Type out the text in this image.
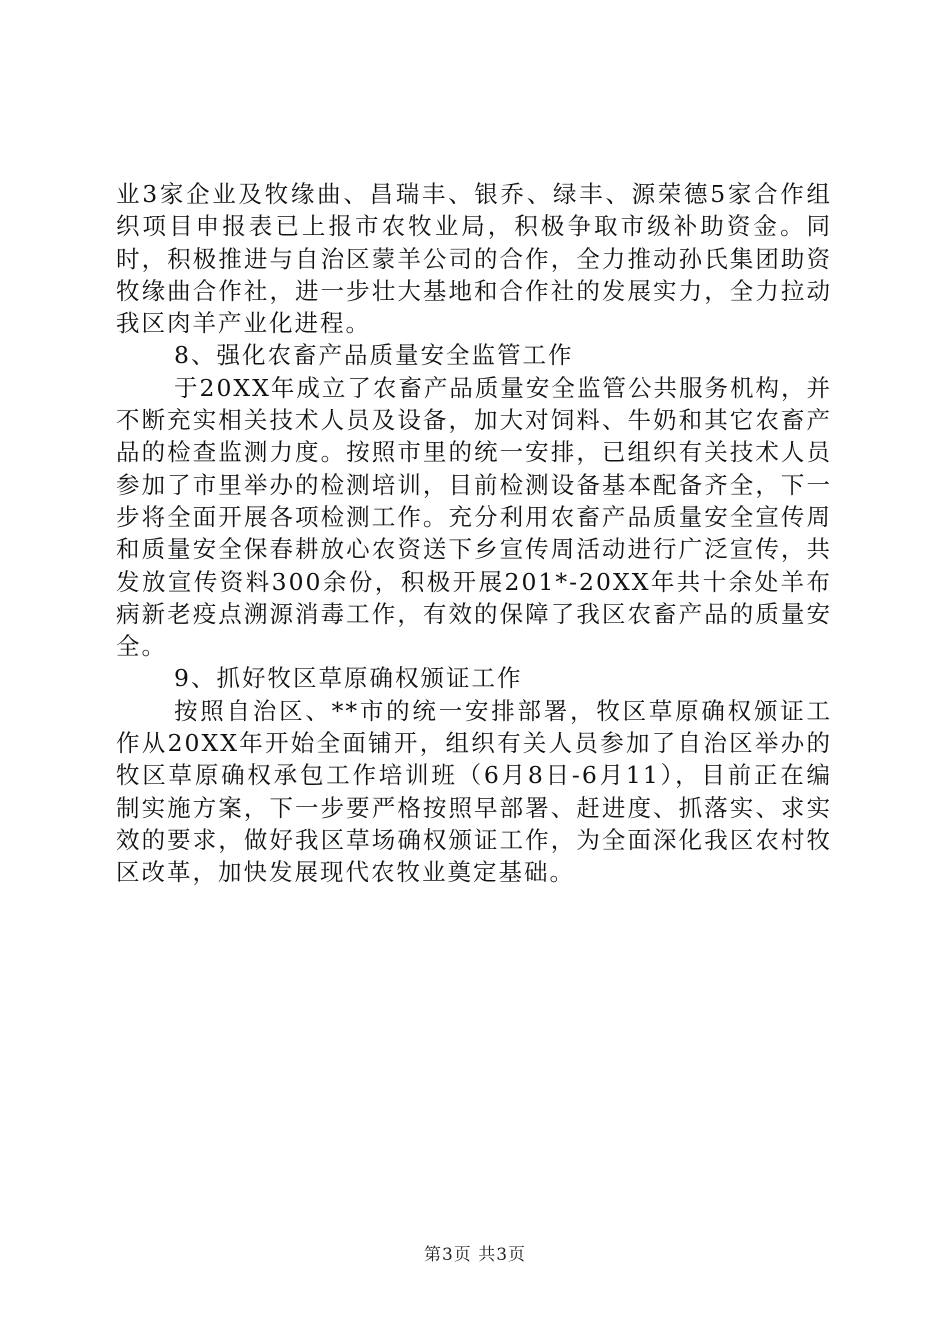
业3家企业及牧缘曲、昌瑞丰、银乔、绿丰、源荣德5家合作组织项目申报表已上报市农牧业局，积极争取市级补助资金。同时，积极推进与自治区蒙羊公司的合作，全力推动孙氏集团助资牧缘曲合作社，进一步壮大基地和合作社的发展实力，全力拉动我区肉羊产业化进程。

8、强化农畜产品质量安全监管工作

于20XX年成立了农畜产品质量安全监管公共服务机构，并不断充实相关技术人员及设备，加大对饲料、牛奶和其它农畜产品的检查监测力度。按照市里的统一安排，已组织有关技术人员参加了市里举办的检测培训，目前检测设备基本配备齐全，下一步将全面开展各项检测工作。充分利用农畜产品质量安全宣传周和质量安全保春耕放心农资送下乡宣传周活动进行广泛宣传，共发放宣传资料300余份，积极开展201*-20XX年共十余处羊布病新老疫点溯源消毒工作，有效的保障了我区农畜产品的质量安全。

9、抓好牧区草原确权颁证工作

按照自治区、**市的统一安排部署，牧区草原确权颁证工作从20XX年开始全面铺开，组织有关人员参加了自治区举办的牧区草原确权承包工作培训班（6月8日-6月11），目前正在编制实施方案，下一步要严格按照早部署、赶进度、抓落实、求实效的要求，做好我区草场确权颁证工作，为全面深化我区农村牧区改革，加快发展现代农牧业奠定基础。

第3页 共3页
